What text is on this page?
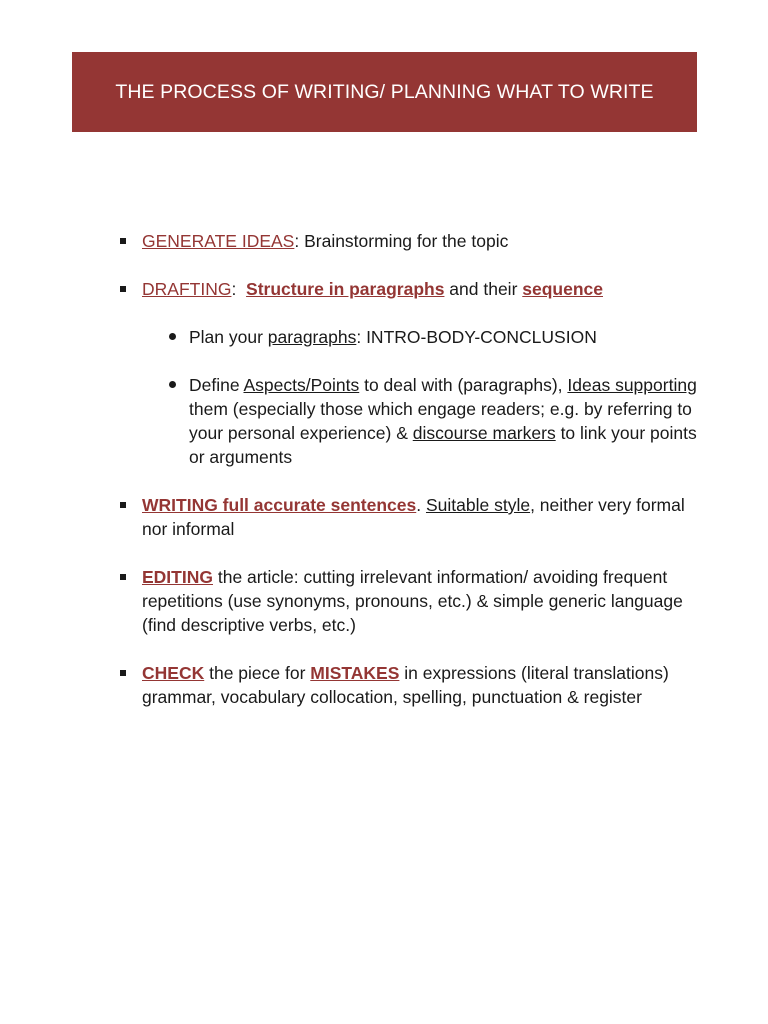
THE PROCESS OF WRITING/ PLANNING WHAT TO WRITE
GENERATE IDEAS: Brainstorming for the topic
DRAFTING:  Structure in paragraphs and their sequence
Plan your paragraphs: INTRO-BODY-CONCLUSION
Define Aspects/Points to deal with (paragraphs), Ideas supporting them (especially those which engage readers; e.g. by referring to your personal experience) & discourse markers to link your points or arguments
WRITING full accurate sentences. Suitable style, neither very formal nor informal
EDITING the article: cutting irrelevant information/ avoiding frequent repetitions (use synonyms, pronouns, etc.) & simple generic language (find descriptive verbs, etc.)
CHECK the piece for MISTAKES in expressions (literal translations) grammar, vocabulary collocation, spelling, punctuation & register
